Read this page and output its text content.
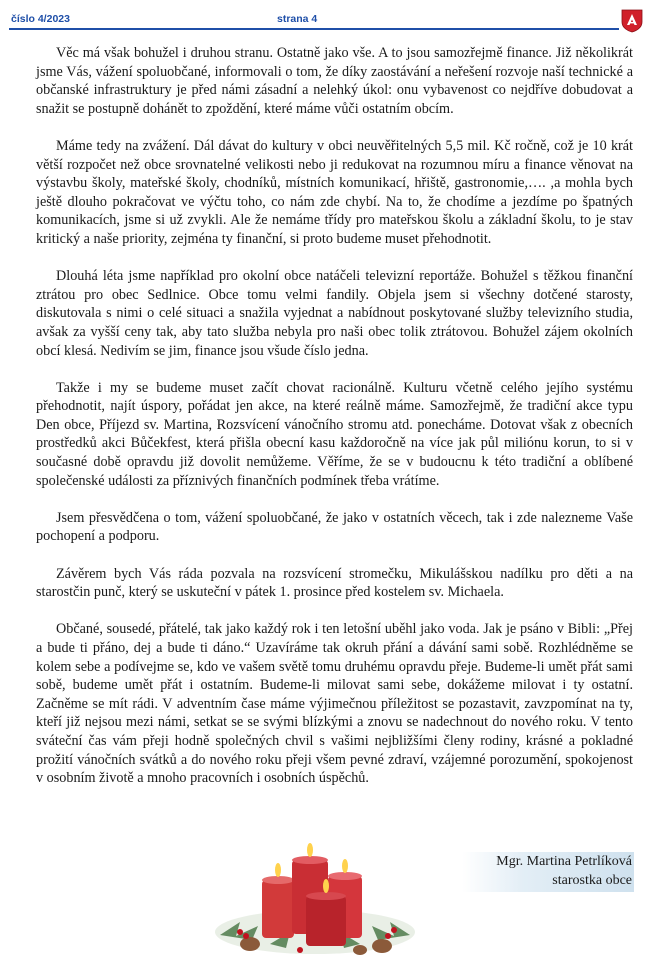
číslo 4/2023	strana 4

Věc má však bohužel i druhou stranu. Ostatně jako vše. A to jsou samozřejmě finance. Již několikrát jsme Vás, vážení spoluobčané, informovali o tom, že díky zaostávání a neřešení rozvoje naší technické a občanské infrastruktury je před námi zásadní a nelehký úkol: onu vybavenost co nejdříve dobudovat a snažit se postupně dohánět to zpoždění, které máme vůči ostatním obcím.

Máme tedy na zvážení. Dál dávat do kultury v obci neuvěřitelných 5,5 mil. Kč ročně, což je 10 krát větší rozpočet než obce srovnatelné velikosti nebo ji redukovat na rozumnou míru a finance věnovat na výstavbu školy, mateřské školy, chodníků, místních komunikací, hřiště, gastronomie,…. ,a mohla bych ještě dlouho pokračovat ve výčtu toho, co nám zde chybí. Na to, že chodíme a jezdíme po špatných komunikacích, jsme si už zvykli. Ale že nemáme třídy pro mateřskou školu a základní školu, to je stav kritický a naše priority, zejména ty finanční, si proto budeme muset přehodnotit.

Dlouhá léta jsme například pro okolní obce natáčeli televizní reportáže. Bohužel s těžkou finanční ztrátou pro obec Sedlnice. Obce tomu velmi fandily. Objela jsem si všechny dotčené starosty, diskutovala s nimi o celé situaci a snažila vyjednat a nabídnout poskytované služby televizního studia, avšak za vyšší ceny tak, aby tato služba nebyla pro naši obec tolik ztrátovou. Bohužel zájem okolních obcí klesá. Nedivím se jim, finance jsou všude číslo jedna.

Takže i my se budeme muset začít chovat racionálně. Kulturu včetně celého jejího systému přehodnotit, najít úspory, pořádat jen akce, na které reálně máme. Samozřejmě, že tradiční akce typu Den obce, Příjezd sv. Martina, Rozsvícení vánočního stromu atd. ponecháme. Dotovat však z obecních prostředků akci Bůčekfest, která přišla obecní kasu každoročně na více jak půl miliónu korun, to si v současné době opravdu již dovolit nemůžeme. Věříme, že se v budoucnu k této tradiční a oblíbené společenské události za příznivých finančních podmínek třeba vrátíme.

Jsem přesvědčena o tom, vážení spoluobčané, že jako v ostatních věcech, tak i zde nalezneme Vaše pochopení a podporu.

Závěrem bych Vás ráda pozvala na rozsvícení stromečku, Mikulášskou nadílku pro děti a na starostčin punč, který se uskuteční v pátek 1. prosince před kostelem sv. Michaela.

Občané, sousedé, přátelé, tak jako každý rok i ten letošní uběhl jako voda. Jak je psáno v Bibli: „Přej a bude ti přáno, dej a bude ti dáno.“ Uzavíráme tak okruh přání a dávání sami sobě. Rozhlédněme se kolem sebe a podívejme se, kdo ve vašem světě tomu druhému opravdu přeje. Budeme-li umět přát sami sobě, budeme umět přát i ostatním. Budeme-li milovat sami sebe, dokážeme milovat i ty ostatní. Začněme se mít rádi. V adventním čase máme výjimečnou příležitost se pozastavit, zavzpomínat na ty, kteří již nejsou mezi námi, setkat se se svými blízkými a znovu se nadechnout do nového roku. V tento sváteční čas vám přeji hodně společných chvil s vašimi nejbližšími členy rodiny, krásné a pokladné prožití vánočních svátků a do nového roku přeji všem pevné zdraví, vzájemné porozumění, spokojenost v osobním životě a mnoho pracovních i osobních úspěchů.

Mgr. Martina Petrlíková
starostka obce
